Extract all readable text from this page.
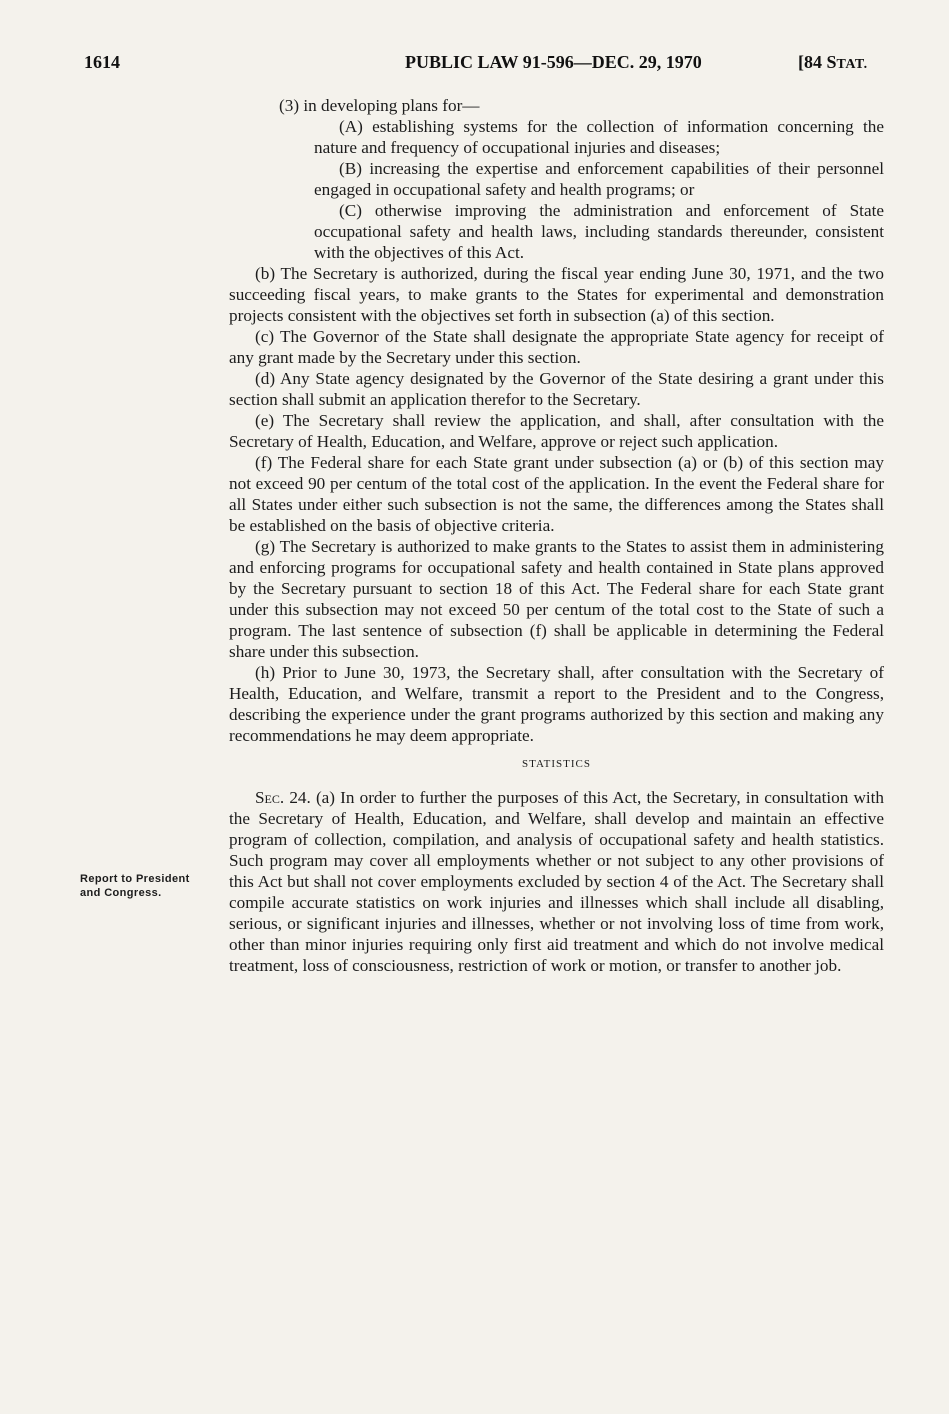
1614	PUBLIC LAW 91-596—DEC. 29, 1970	[84 STAT.
Report to President and Congress.

(3) in developing plans for—

(A) establishing systems for the collection of information concerning the nature and frequency of occupational injuries and diseases;

(B) increasing the expertise and enforcement capabilities of their personnel engaged in occupational safety and health programs; or

(C) otherwise improving the administration and enforcement of State occupational safety and health laws, including standards thereunder, consistent with the objectives of this Act.

(b) The Secretary is authorized, during the fiscal year ending June 30, 1971, and the two succeeding fiscal years, to make grants to the States for experimental and demonstration projects consistent with the objectives set forth in subsection (a) of this section.

(c) The Governor of the State shall designate the appropriate State agency for receipt of any grant made by the Secretary under this section.

(d) Any State agency designated by the Governor of the State desiring a grant under this section shall submit an application therefor to the Secretary.

(e) The Secretary shall review the application, and shall, after consultation with the Secretary of Health, Education, and Welfare, approve or reject such application.

(f) The Federal share for each State grant under subsection (a) or (b) of this section may not exceed 90 per centum of the total cost of the application. In the event the Federal share for all States under either such subsection is not the same, the differences among the States shall be established on the basis of objective criteria.

(g) The Secretary is authorized to make grants to the States to assist them in administering and enforcing programs for occupational safety and health contained in State plans approved by the Secretary pursuant to section 18 of this Act. The Federal share for each State grant under this subsection may not exceed 50 per centum of the total cost to the State of such a program. The last sentence of subsection (f) shall be applicable in determining the Federal share under this subsection.

(h) Prior to June 30, 1973, the Secretary shall, after consultation with the Secretary of Health, Education, and Welfare, transmit a report to the President and to the Congress, describing the experience under the grant programs authorized by this section and making any recommendations he may deem appropriate.

STATISTICS

Sec. 24. (a) In order to further the purposes of this Act, the Secretary, in consultation with the Secretary of Health, Education, and Welfare, shall develop and maintain an effective program of collection, compilation, and analysis of occupational safety and health statistics. Such program may cover all employments whether or not subject to any other provisions of this Act but shall not cover employments excluded by section 4 of the Act. The Secretary shall compile accurate statistics on work injuries and illnesses which shall include all disabling, serious, or significant injuries and illnesses, whether or not involving loss of time from work, other than minor injuries requiring only first aid treatment and which do not involve medical treatment, loss of consciousness, restriction of work or motion, or transfer to another job.
